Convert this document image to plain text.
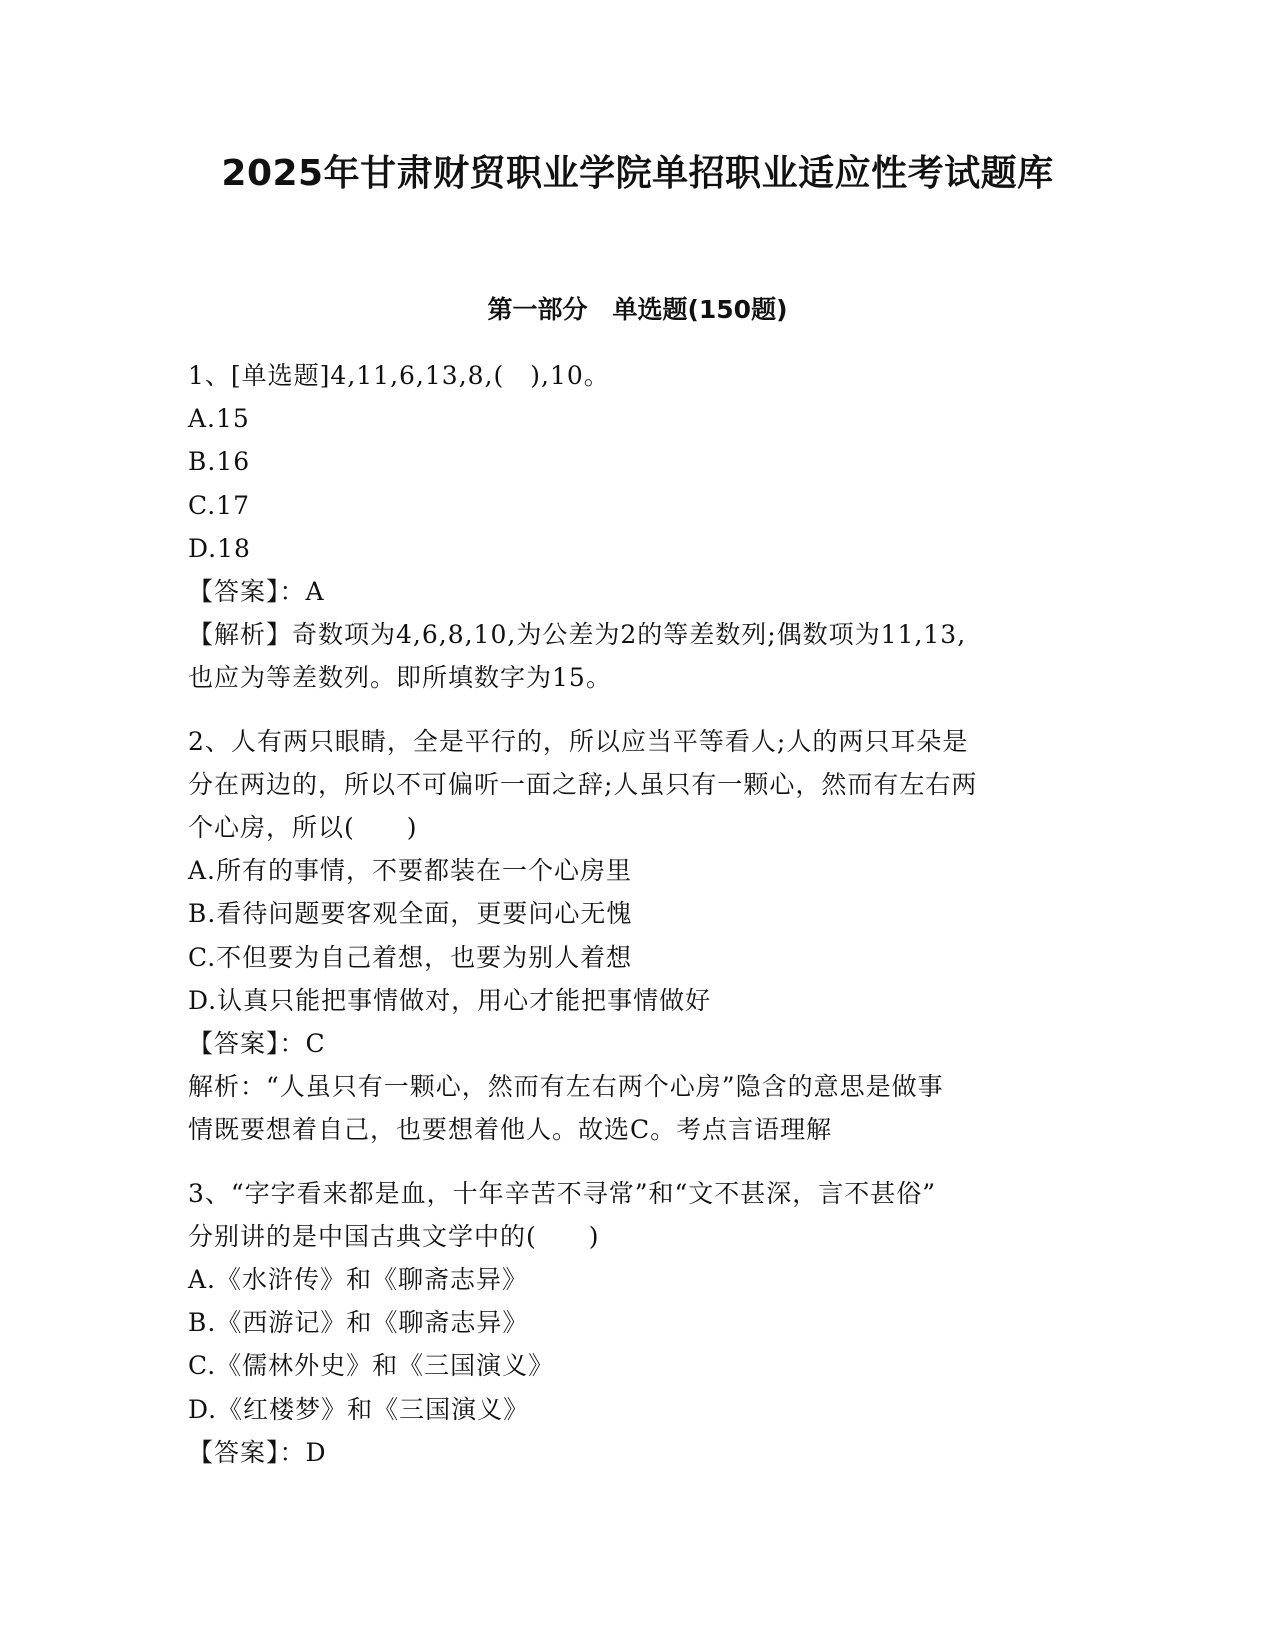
2025年甘肃财贸职业学院单招职业适应性考试题库
第一部分　单选题(150题)
1、[单选题]4,11,6,13,8,(　),10。
A.15
B.16
C.17
D.18
【答案】：A
【解析】奇数项为4,6,8,10,为公差为2的等差数列;偶数项为11,13,
也应为等差数列。即所填数字为15。
2、人有两只眼睛，全是平行的，所以应当平等看人;人的两只耳朵是
分在两边的，所以不可偏听一面之辞;人虽只有一颗心，然而有左右两
个心房，所以(　　)
A.所有的事情，不要都装在一个心房里
B.看待问题要客观全面，更要问心无愧
C.不但要为自己着想，也要为别人着想
D.认真只能把事情做对，用心才能把事情做好
【答案】：C
解析：“人虽只有一颗心，然而有左右两个心房”隐含的意思是做事
情既要想着自己，也要想着他人。故选C。考点言语理解
3、“字字看来都是血，十年辛苦不寻常”和“文不甚深，言不甚俗”
分别讲的是中国古典文学中的(　　)
A.《水浒传》和《聊斋志异》
B.《西游记》和《聊斋志异》
C.《儒林外史》和《三国演义》
D.《红楼梦》和《三国演义》
【答案】：D
